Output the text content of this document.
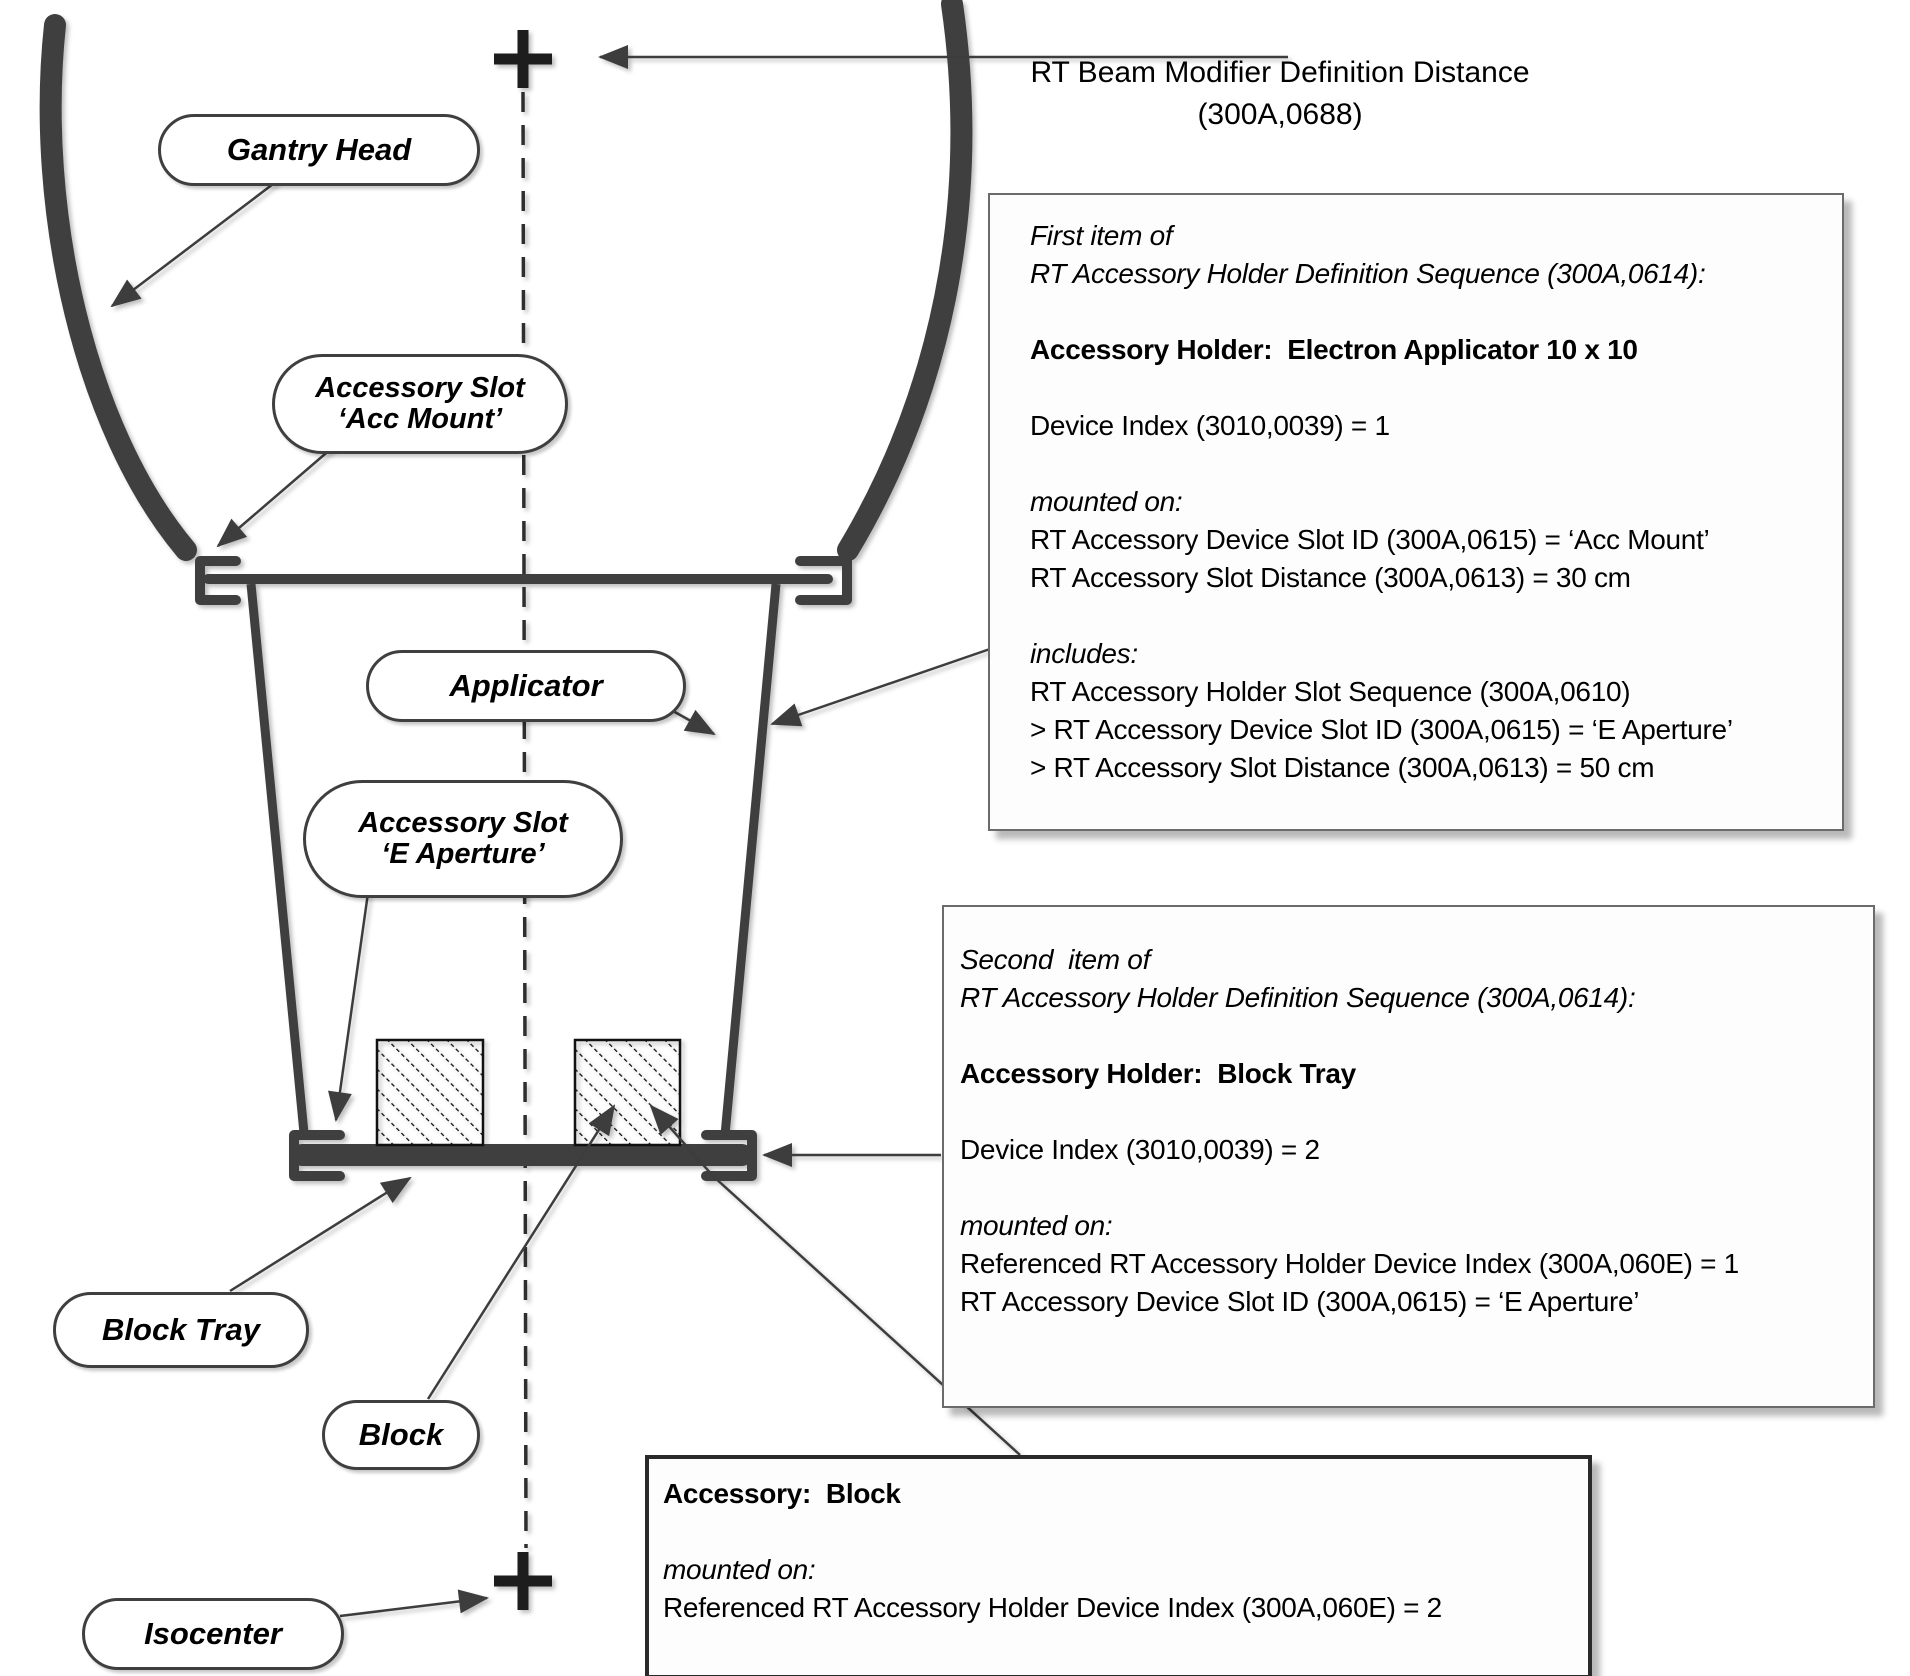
RT Beam Modifier Definition Distance
(300A,0688)
Gantry Head
Accessory Slot
‘Acc Mount’
Applicator
Accessory Slot
‘E Aperture’
Block Tray
Block
Isocenter
First item of
RT Accessory Holder Definition Sequence (300A,0614):
Accessory Holder:  Electron Applicator 10 x 10
Device Index (3010,0039) = 1
mounted on:
RT Accessory Device Slot ID (300A,0615) = ‘Acc Mount’
RT Accessory Slot Distance (300A,0613) = 30 cm
includes:
RT Accessory Holder Slot Sequence (300A,0610)
> RT Accessory Device Slot ID (300A,0615) = ‘E Aperture’
> RT Accessory Slot Distance (300A,0613) = 50 cm
Second  item of
RT Accessory Holder Definition Sequence (300A,0614):
Accessory Holder:  Block Tray
Device Index (3010,0039) = 2
mounted on:
Referenced RT Accessory Holder Device Index (300A,060E) = 1
RT Accessory Device Slot ID (300A,0615) = ‘E Aperture’
Accessory:  Block
mounted on:
Referenced RT Accessory Holder Device Index (300A,060E) = 2
